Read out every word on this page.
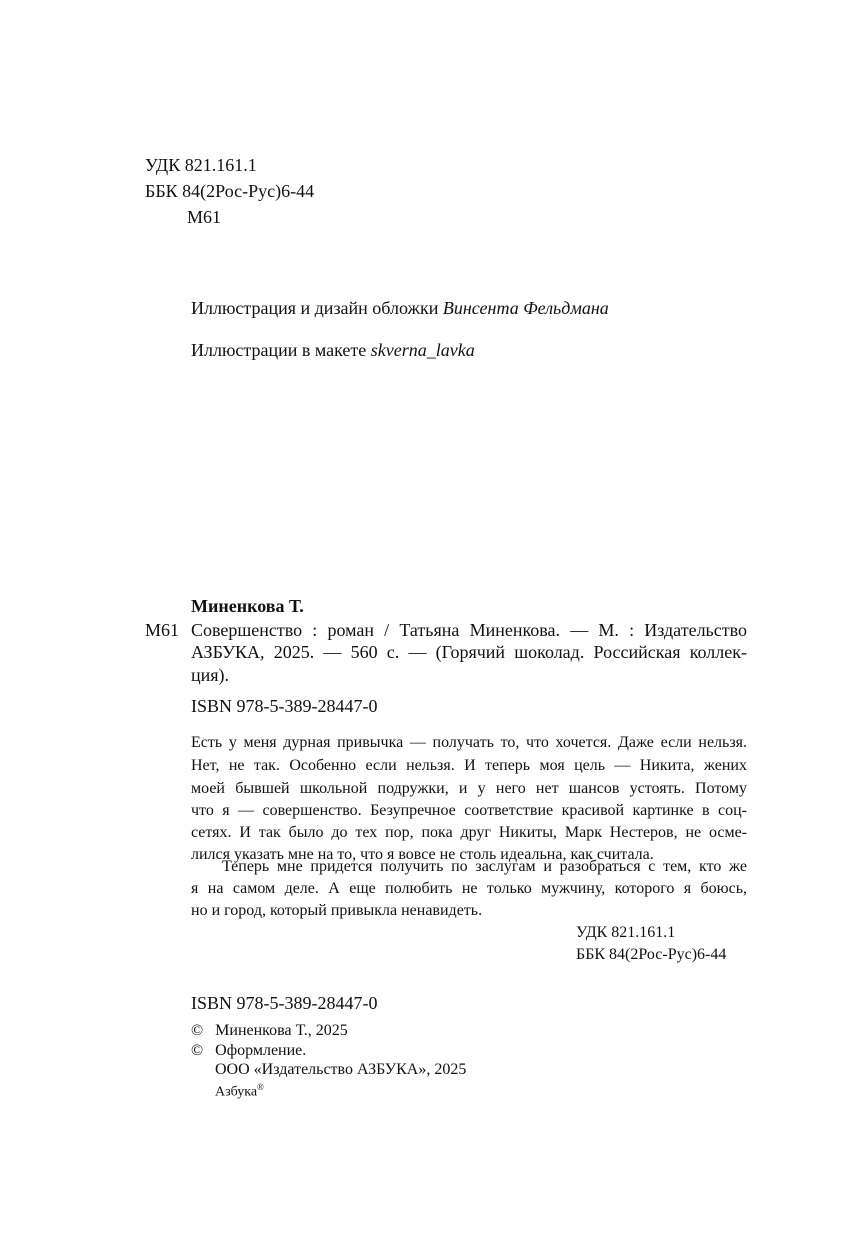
УДК 821.161.1
ББК 84(2Рос-Рус)6-44
М61
Иллюстрация и дизайн обложки Винсента Фельдмана
Иллюстрации в макете skverna_lavka
Миненкова Т.
М61 Совершенство : роман / Татьяна Миненкова. — М. : Издательство
АЗБУКА, 2025. — 560 с. — (Горячий шоколад. Российская коллек-
ция).
ISBN 978-5-389-28447-0
Есть у меня дурная привычка — получать то, что хочется. Даже если нельзя.
Нет, не так. Особенно если нельзя. И теперь моя цель — Никита, жених
моей бывшей школьной подружки, и у него нет шансов устоять. Потому
что я — совершенство. Безупречное соответствие красивой картинке в соц-
сетях. И так было до тех пор, пока друг Никиты, Марк Нестеров, не осме-
лился указать мне на то, что я вовсе не столь идеальна, как считала.
Теперь мне придется получить по заслугам и разобраться с тем, кто же
я на самом деле. А еще полюбить не только мужчину, которого я боюсь,
но и город, который привыкла ненавидеть.
УДК 821.161.1
ББК 84(2Рос-Рус)6-44
ISBN 978-5-389-28447-0
© Миненкова Т., 2025
© Оформление.
ООО «Издательство АЗБУКА», 2025
Азбука®
